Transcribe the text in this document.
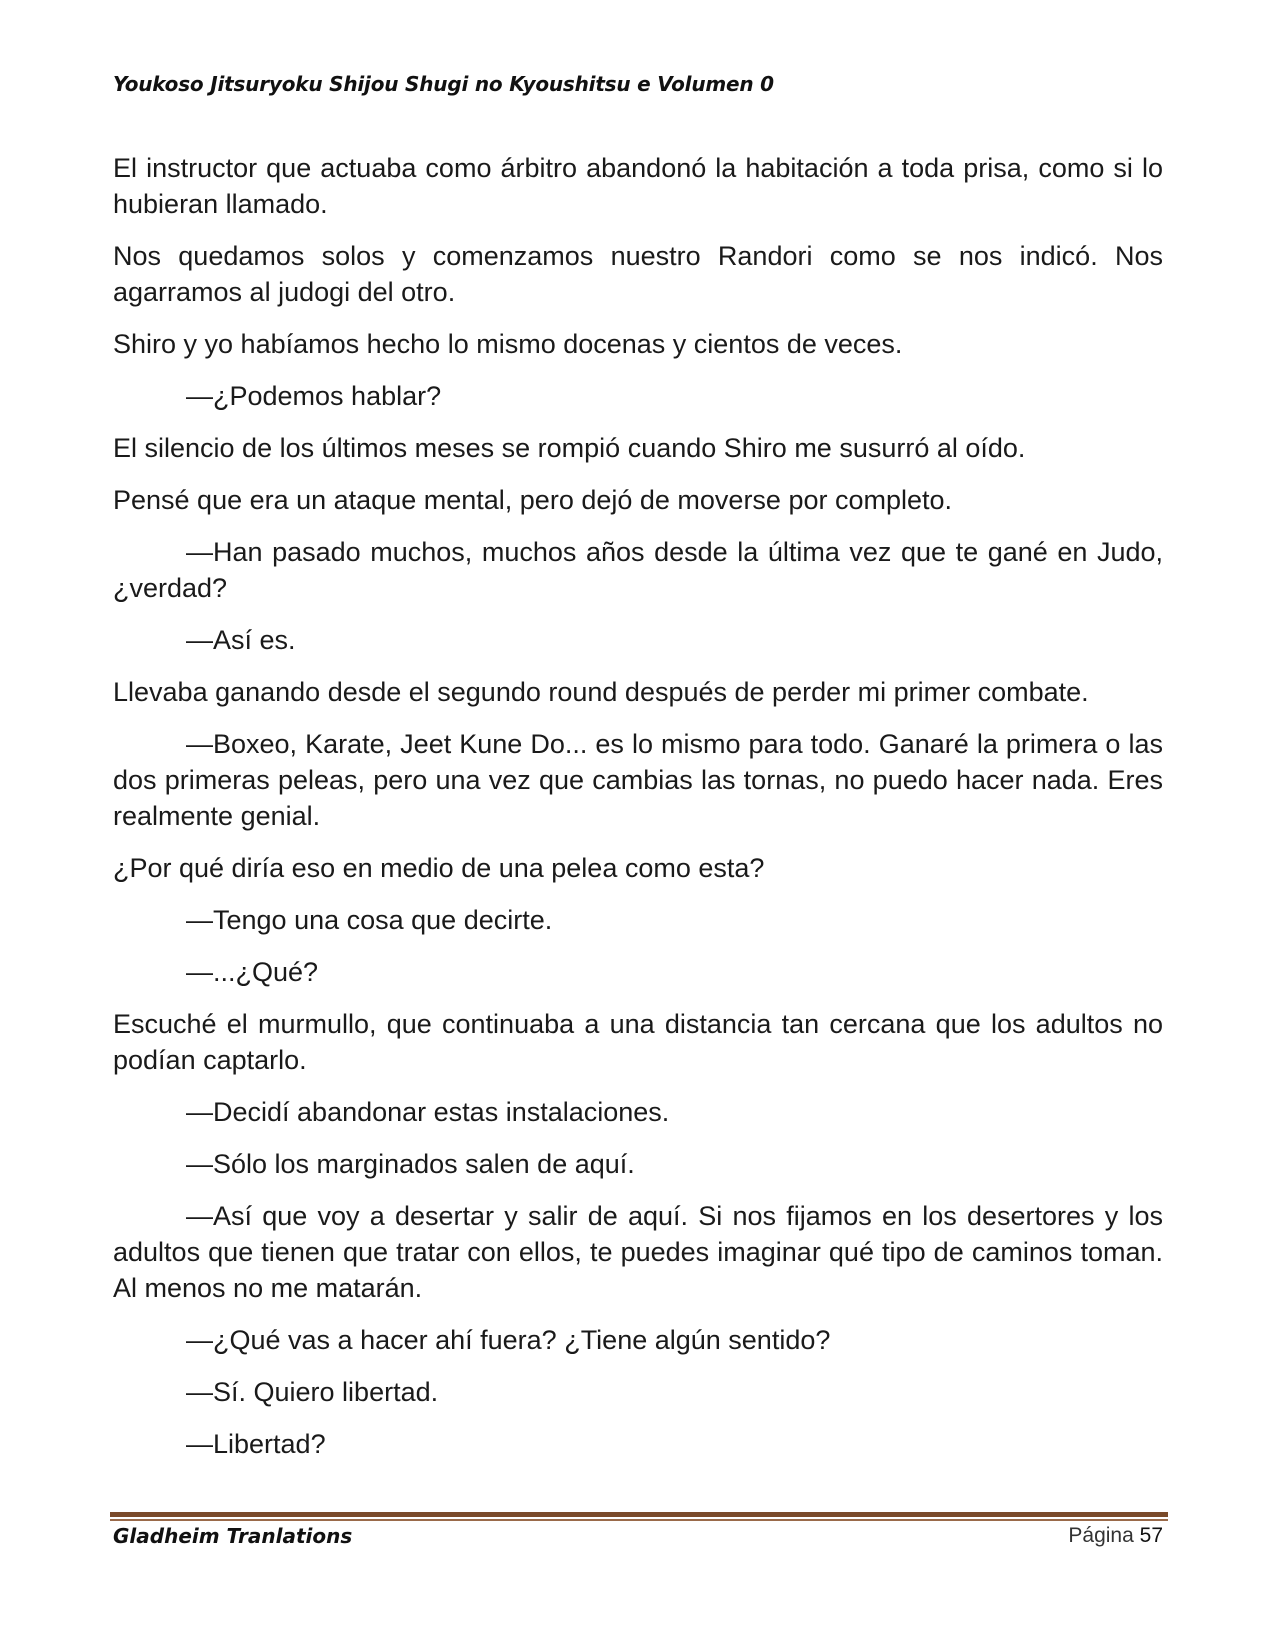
Youkoso Jitsuryoku Shijou Shugi no Kyoushitsu e Volumen 0

El instructor que actuaba como árbitro abandonó la habitación a toda prisa, como si lo hubieran llamado.

Nos quedamos solos y comenzamos nuestro Randori como se nos indicó. Nos agarramos al judogi del otro.

Shiro y yo habíamos hecho lo mismo docenas y cientos de veces.

—¿Podemos hablar?

El silencio de los últimos meses se rompió cuando Shiro me susurró al oído.

Pensé que era un ataque mental, pero dejó de moverse por completo.

—Han pasado muchos, muchos años desde la última vez que te gané en Judo, ¿verdad?

—Así es.

Llevaba ganando desde el segundo round después de perder mi primer combate.

—Boxeo, Karate, Jeet Kune Do... es lo mismo para todo. Ganaré la primera o las dos primeras peleas, pero una vez que cambias las tornas, no puedo hacer nada. Eres realmente genial.

¿Por qué diría eso en medio de una pelea como esta?

—Tengo una cosa que decirte.

—...¿Qué?

Escuché el murmullo, que continuaba a una distancia tan cercana que los adultos no podían captarlo.

—Decidí abandonar estas instalaciones.

—Sólo los marginados salen de aquí.

—Así que voy a desertar y salir de aquí. Si nos fijamos en los desertores y los adultos que tienen que tratar con ellos, te puedes imaginar qué tipo de caminos toman. Al menos no me matarán.

—¿Qué vas a hacer ahí fuera? ¿Tiene algún sentido?

—Sí. Quiero libertad.

—Libertad?

Gladheim Tranlations	Página 57
